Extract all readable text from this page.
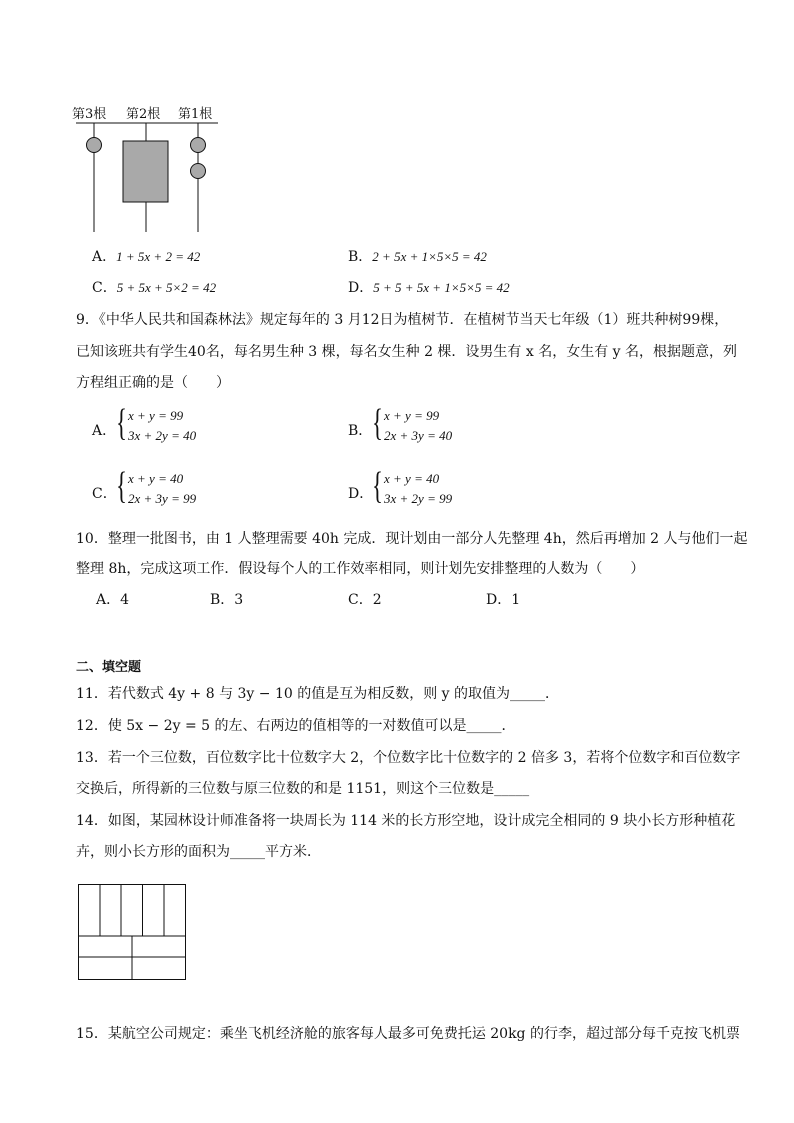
第3根 第2根 第1根
A．1 + 5x + 2 = 42	B．2 + 5x + 1×5×5 = 42
C．5 + 5x + 5×2 = 42	D．5 + 5 + 5x + 1×5×5 = 42
9．《中华人民共和国森林法》规定每年的 3 月12日为植树节．在植树节当天七年级（1）班共种树99棵，
已知该班共有学生40名，每名男生种 3 棵，每名女生种 2 棵．设男生有 x 名，女生有 y 名，根据题意，列
方程组正确的是（　　）
A． { x + y = 99
3x + 2y = 40	B． { x + y = 99
2x + 3y = 40
C． { x + y = 40
2x + 3y = 99	D．
{ x + y = 40
3x + 2y = 99
10．整理一批图书，由 1 人整理需要 40h 完成．现计划由一部分人先整理 4h，然后再增加 2 人与他们一起
整理 8h，完成这项工作．假设每个人的工作效率相同，则计划先安排整理的人数为（　　）
A．4	B．3	C．2	D．1
二、填空题
11．若代数式 4y + 8 与 3y − 10 的值是互为相反数，则 y 的取值为_____．
12．使 5x − 2y = 5 的左、右两边的值相等的一对数值可以是_____．
13．若一个三位数，百位数字比十位数字大 2，个位数字比十位数字的 2 倍多 3，若将个位数字和百位数字
交换后，所得新的三位数与原三位数的和是 1151，则这个三位数是_____
14．如图，某园林设计师准备将一块周长为 114 米的长方形空地，设计成完全相同的 9 块小长方形种植花
卉，则小长方形的面积为_____平方米．
15．某航空公司规定：乘坐飞机经济舱的旅客每人最多可免费托运 20kg 的行李，超过部分每千克按飞机票
